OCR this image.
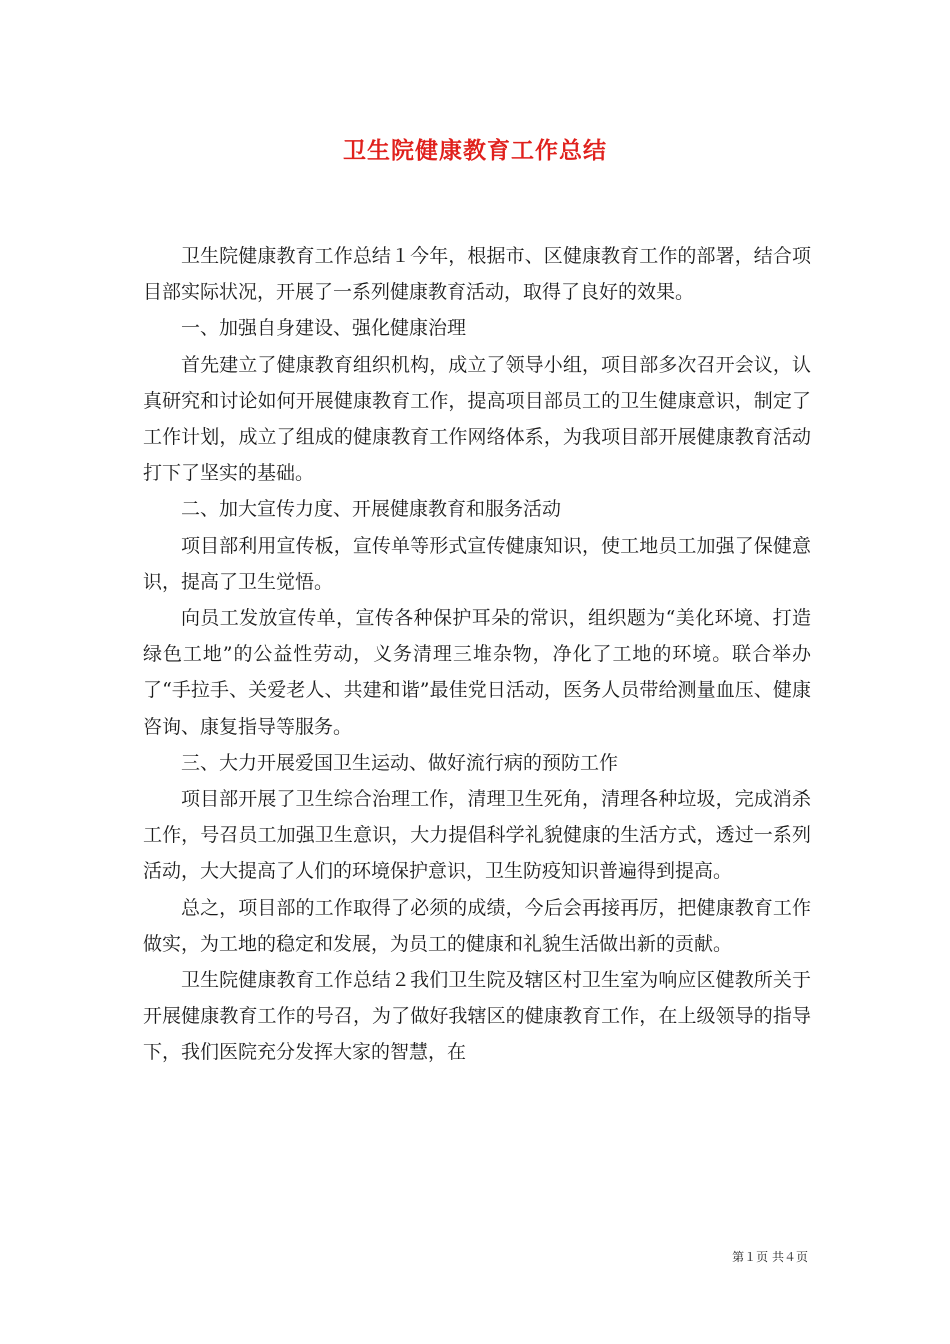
卫生院健康教育工作总结

卫生院健康教育工作总结１今年，根据市、区健康教育工作的部署，结合项目部实际状况，开展了一系列健康教育活动，取得了良好的效果。

一、加强自身建设、强化健康治理

首先建立了健康教育组织机构，成立了领导小组，项目部多次召开会议，认真研究和讨论如何开展健康教育工作，提高项目部员工的卫生健康意识，制定了工作计划，成立了组成的健康教育工作网络体系，为我项目部开展健康教育活动打下了坚实的基础。

二、加大宣传力度、开展健康教育和服务活动

项目部利用宣传板，宣传单等形式宣传健康知识，使工地员工加强了保健意识，提高了卫生觉悟。

向员工发放宣传单，宣传各种保护耳朵的常识，组织题为“美化环境、打造绿色工地”的公益性劳动，义务清理三堆杂物，净化了工地的环境。联合举办了“手拉手、关爱老人、共建和谐”最佳党日活动，医务人员带给测量血压、健康咨询、康复指导等服务。

三、大力开展爱国卫生运动、做好流行病的预防工作

项目部开展了卫生综合治理工作，清理卫生死角，清理各种垃圾，完成消杀工作，号召员工加强卫生意识，大力提倡科学礼貌健康的生活方式，透过一系列活动，大大提高了人们的环境保护意识，卫生防疫知识普遍得到提高。

总之，项目部的工作取得了必须的成绩，今后会再接再厉，把健康教育工作做实，为工地的稳定和发展，为员工的健康和礼貌生活做出新的贡献。

卫生院健康教育工作总结２我们卫生院及辖区村卫生室为响应区健教所关于开展健康教育工作的号召，为了做好我辖区的健康教育工作，在上级领导的指导下，我们医院充分发挥大家的智慧，在

第１页 共４页
